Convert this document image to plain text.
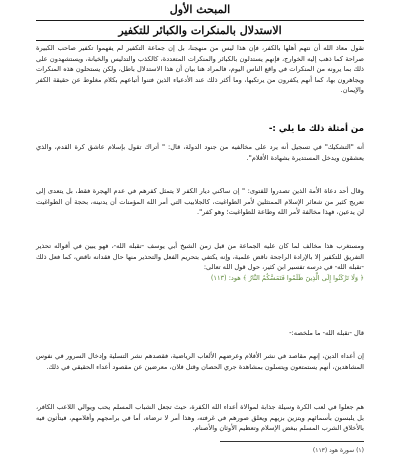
المبحث الأول
الاستدلال بالمنكرات والكبائر للتكفير

نقول معاذ الله أن نتهم أهلها بالكفر، فإن هذا ليس من منهجنا، بل إن جماعة التكفير لم يفهموا تكفير صاحب الكبيرة صراحة كما ذهب إليه الخوارج، فإنهم يستدلون بالكبائر والمنكرات المتعددة، كالكذب والتدليس والخيانة، ويستشهدون على ذلك بما يرونه من المنكرات في واقع الناس اليوم، فالمراد هنا بيان أن هذا الاستدلال باطل، ولكن يستحلون هذه المنكرات ويجاهرون بها، كما أنهم يكفرون من يرتكبها، وما أكثر ذلك عند الأدعياء الذين فتنوا أتباعهم بكلام مغلوط عن حقيقة الكفر والإيمان.

من أمثلة ذلك ما يلي :-

أنه "التشكيك" في تسجيل أنه يرد على مخالفيه من جنود الدولة، قال: " أتراك تقول بإسلام عاشق كرة القدم، والذي يعشقون ويدخل المستديرة بشهادة الأقلام".

وقال أحد دعاة الأمة الذين تصدروا للفتوى: " إن ساكني ديار الكفر لا يتمثل كفرهم في عدم الهجرة فقط، بل يتعدى إلى تعريج كثير من شعائر الإسلام الممتثلين لأمر الطواغيت، كالجلابيب التي أمر الله المؤمنات أن يدنينه، بحجة أن الطواغيت لن يدعين، فهذا مخالفة لأمر الله وطاعة للطواغيت؛ وهو كفر".

ومستغرب هذا مخالف لما كان عليه الجماعة من قبل زمن الشيخ أبي يوسف -تقبله الله-، فهو يبين في أقواله تحذير التفريق للتكفير إلا بالإرادة الراجحة ناقض علمية، وإنه يكتفي بتحريم الفعل والتحذير منها حال فقدانه ناقض، كما فعل ذلك -تقبله الله- في درسه تفسير ابن كثير، حول قول الله تعالى:

﴿ وَلَا تَرْكَنُوا إِلَى الَّذِينَ ظَلَمُوا فَتَمَسَّكُمُ النَّارُ ﴾ هود: (١١٣)

قال -تقبله الله- ما ملخصه:-

إن أعداء الدين، إنهم مقاصد في نشر الأفلام وعرضهم الألعاب الرياضية، فقصدهم نشر التسلية وإدخال السرور في نفوس المشاهدين، أنهم يستمتعون ويتسلون بمشاهدة جري الحصان وقتل فلان، معرضين عن مقصود أعداء الحقيقي في ذلك.

هم جعلوا في لعب الكرة وسيلة جذابة لموالاة أعداء الله الكفرة، حيث تجعل الشباب المسلم يحب ويوالي اللاعب الكافر، بل يلبسون بأسمائهم ويتزين بزيهم ويعلق صورهم في غرفته، وهذا أمر لا نرضاه، أما في برامجهم وأفلامهم، فيتأثون فيه بالأخلاق الشرب المسلم ببغض الإسلام وتعظيم الأوثان والأصنام.

(١) سورة هود (١١٣)
